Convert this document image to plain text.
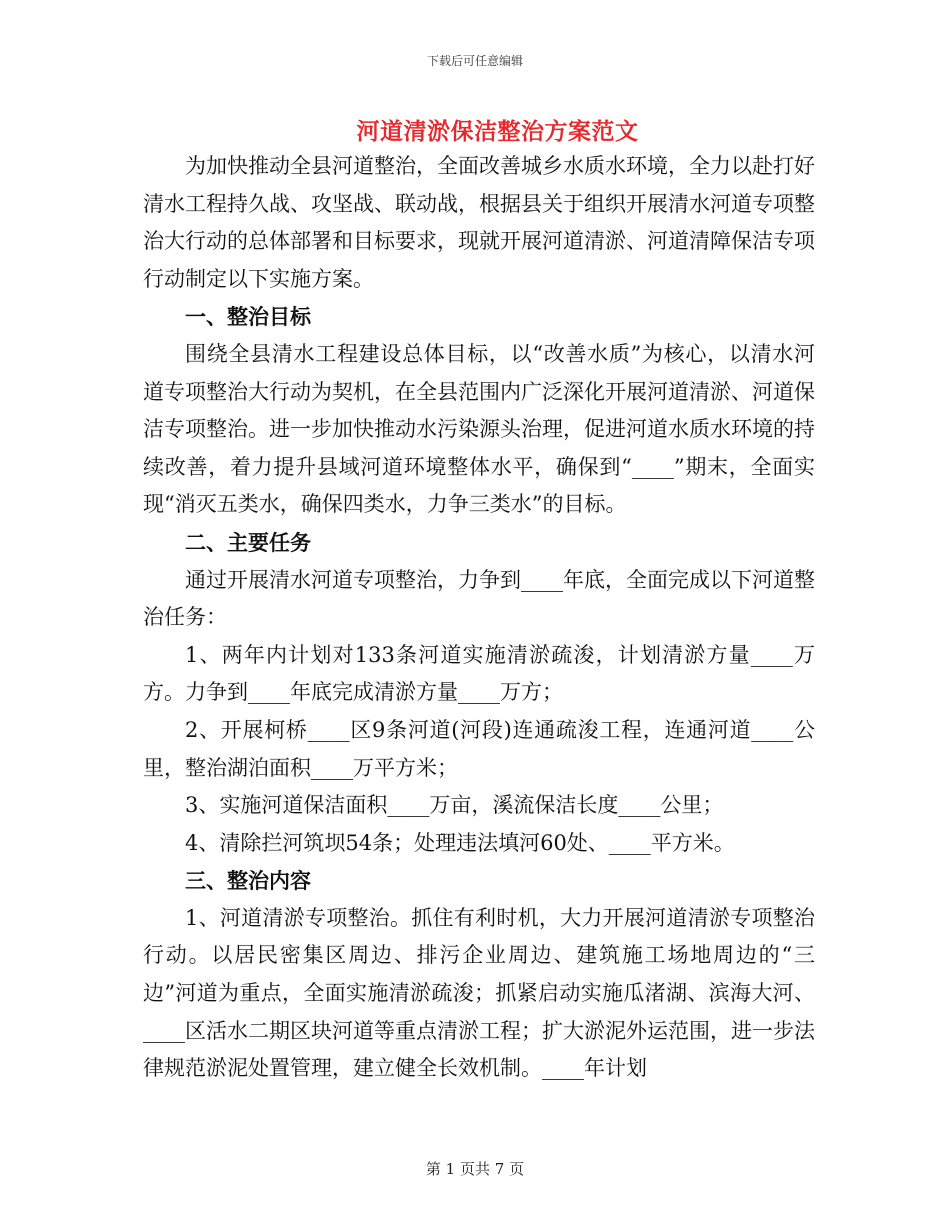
下载后可任意编辑
河道清淤保洁整治方案范文

为加快推动全县河道整治，全面改善城乡水质水环境，全力以赴打好清水工程持久战、攻坚战、联动战，根据县关于组织开展清水河道专项整治大行动的总体部署和目标要求，现就开展河道清淤、河道清障保洁专项行动制定以下实施方案。

一、整治目标

围绕全县清水工程建设总体目标，以“改善水质”为核心，以清水河道专项整治大行动为契机，在全县范围内广泛深化开展河道清淤、河道保洁专项整治。进一步加快推动水污染源头治理，促进河道水质水环境的持续改善，着力提升县域河道环境整体水平，确保到“____”期末，全面实现“消灭五类水，确保四类水，力争三类水”的目标。

二、主要任务

通过开展清水河道专项整治，力争到____年底，全面完成以下河道整治任务：

1、两年内计划对133条河道实施清淤疏浚，计划清淤方量____万方。力争到____年底完成清淤方量____万方；

2、开展柯桥____区9条河道(河段)连通疏浚工程，连通河道____公里，整治湖泊面积____万平方米；

3、实施河道保洁面积____万亩，溪流保洁长度____公里；

4、清除拦河筑坝54条；处理违法填河60处、____平方米。

三、整治内容

1、河道清淤专项整治。抓住有利时机，大力开展河道清淤专项整治行动。以居民密集区周边、排污企业周边、建筑施工场地周边的“三边”河道为重点，全面实施清淤疏浚；抓紧启动实施瓜渚湖、滨海大河、____区活水二期区块河道等重点清淤工程；扩大淤泥外运范围，进一步法律规范淤泥处置管理，建立健全长效机制。____年计划

第 1 页共 7 页
